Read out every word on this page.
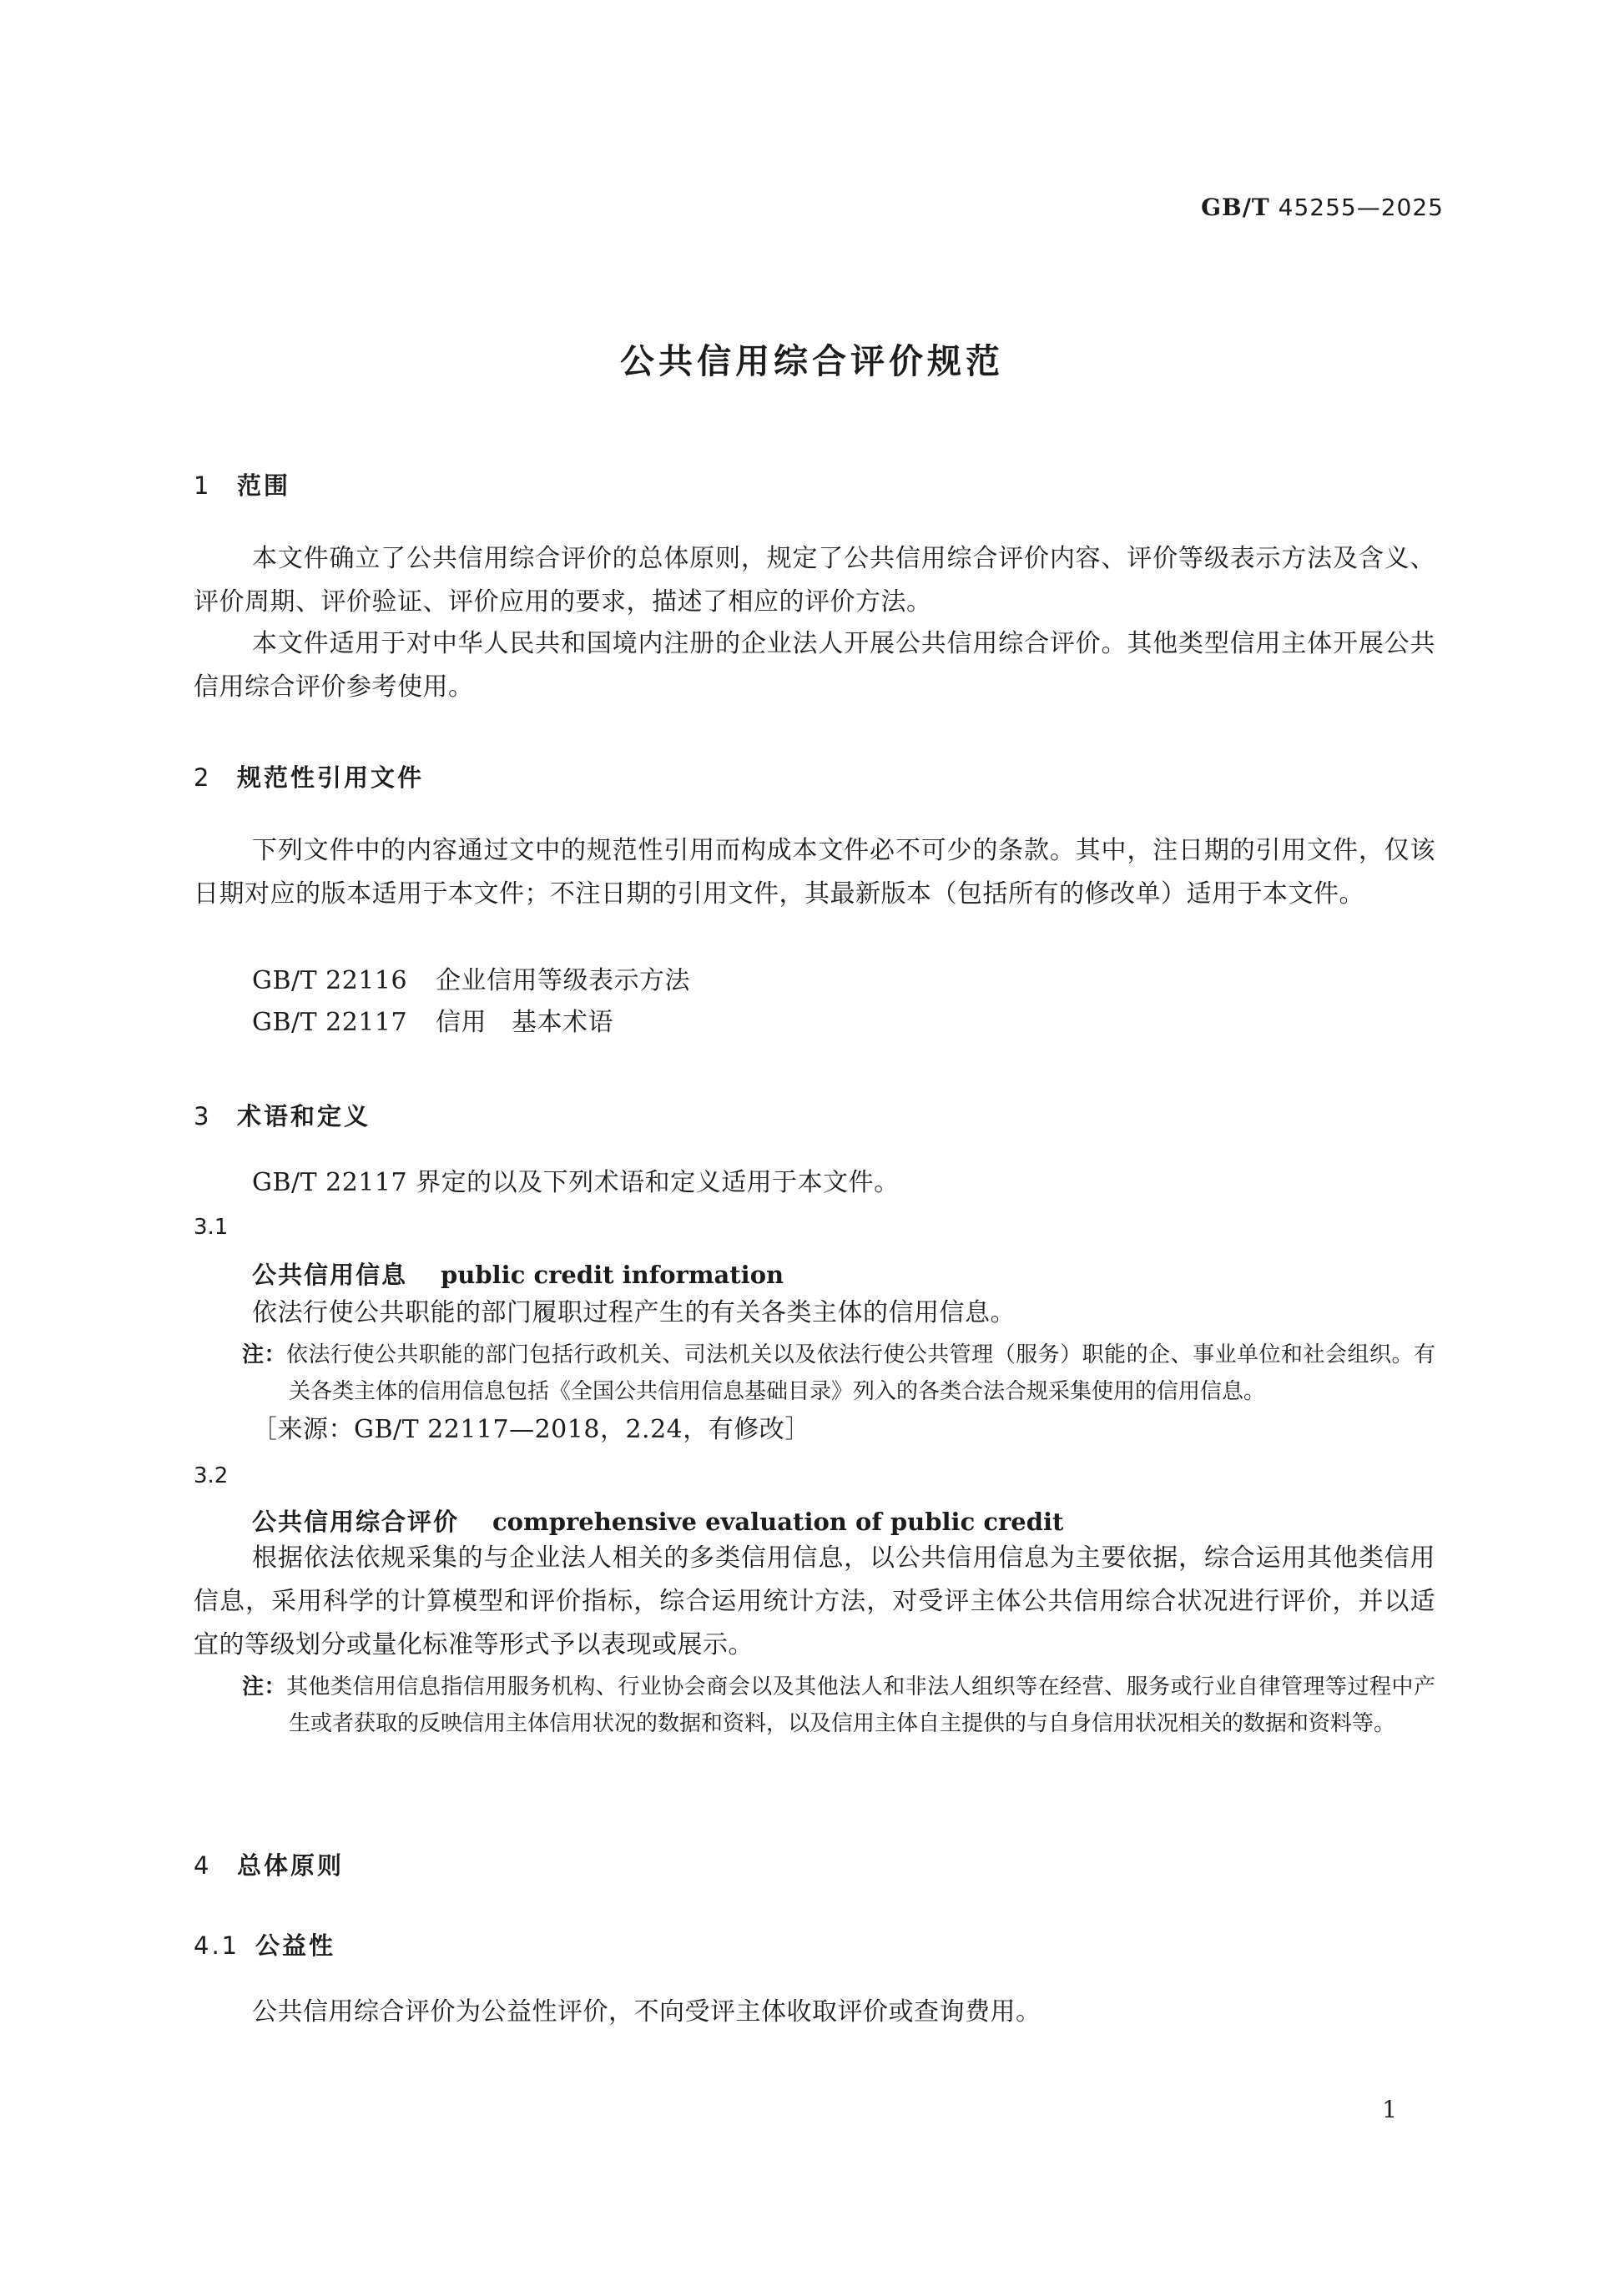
GB/T 45255—2025
公共信用综合评价规范
1 范围
本文件确立了公共信用综合评价的总体原则，规定了公共信用综合评价内容、评价等级表示方法及含义、评价周期、评价验证、评价应用的要求，描述了相应的评价方法。
本文件适用于对中华人民共和国境内注册的企业法人开展公共信用综合评价。其他类型信用主体开展公共信用综合评价参考使用。
2 规范性引用文件
下列文件中的内容通过文中的规范性引用而构成本文件必不可少的条款。其中，注日期的引用文件，仅该日期对应的版本适用于本文件；不注日期的引用文件，其最新版本（包括所有的修改单）适用于本文件。
GB/T 22116 企业信用等级表示方法
GB/T 22117 信用 基本术语
3 术语和定义
GB/T 22117 界定的以及下列术语和定义适用于本文件。
3.1
公共信用信息 public credit information
依法行使公共职能的部门履职过程产生的有关各类主体的信用信息。
注：依法行使公共职能的部门包括行政机关、司法机关以及依法行使公共管理（服务）职能的企、事业单位和社会组织。有关各类主体的信用信息包括《全国公共信用信息基础目录》列入的各类合法合规采集使用的信用信息。
［来源：GB/T 22117—2018，2.24，有修改］
3.2
公共信用综合评价 comprehensive evaluation of public credit
根据依法依规采集的与企业法人相关的多类信用信息，以公共信用信息为主要依据，综合运用其他类信用信息，采用科学的计算模型和评价指标，综合运用统计方法，对受评主体公共信用综合状况进行评价，并以适宜的等级划分或量化标准等形式予以表现或展示。
注：其他类信用信息指信用服务机构、行业协会商会以及其他法人和非法人组织等在经营、服务或行业自律管理等过程中产生或者获取的反映信用主体信用状况的数据和资料，以及信用主体自主提供的与自身信用状况相关的数据和资料等。
4 总体原则
4.1 公益性
公共信用综合评价为公益性评价，不向受评主体收取评价或查询费用。
1
